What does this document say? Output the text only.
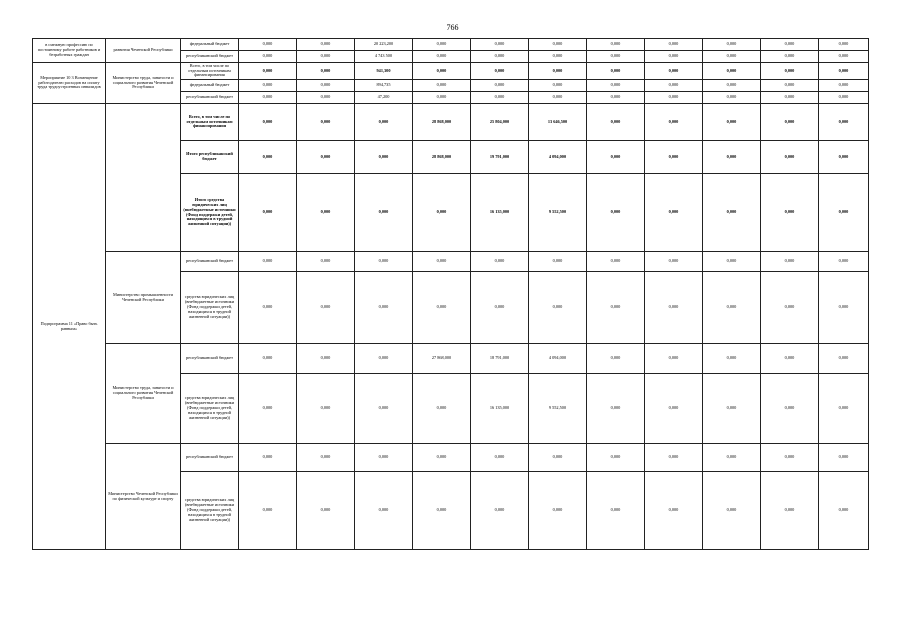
766
в смежную профессию по постоянному работе работников и безработных граждан	развития Чеченской Республики	федеральный бюджет	0,000	0,000	20 223,200	0,000	0,000	0,000	0,000	0,000	0,000	0,000	0,000
		республиканский бюджет	0,000	0,000	4 743 500	0,000	0,000	0,000	0,000	0,000	0,000	0,000	0,000
Мероприятие 10 3 Возмещение работодателю расходов на оплату труда трудоустроенных инвалидов	Министерство труда, занятости и социального развития Чеченской Республики	Всего, в том числе по отдельным источникам финансирования	0,000	0,000	941,300	0,000	0,000	0,000	0,000	0,000	0,000	0,000	0,000
		федеральный бюджет	0,000	0,000	894,735	0,000	0,000	0,000	0,000	0,000	0,000	0,000	0,000
		республиканский бюджет	0,000	0,000	47,200	0,000	0,000	0,000	0,000	0,000	0,000	0,000	0,000
Подпрограмма 11 «Право быть равным»		Всего, в том числе по отдельным источникам финансирования	0,000	0,000	0,000	28 868,000	25 804,000	13 646,500	0,000	0,000	0,000	0,000	0,000
		Итого республиканский бюджет	0,000	0,000	0,000	28 868,000	19 791,000	4 094,000	0,000	0,000	0,000	0,000	0,000
		Итого средства юридических лиц (внебюджетные источники (Фонд поддержки детей, находящихся в трудной жизненной ситуации))	0,000	0,000	0,000	0,000	16 135,000	9 552,500	0,000	0,000	0,000	0,000	0,000
	Министерство промышленности Чеченской Республики	республиканский бюджет	0,000	0,000	0,000	0,000	0,000	0,000	0,000	0,000	0,000	0,000	0,000
		средства юридических лиц (внебюджетные источники (Фонд поддержки детей, находящихся в трудной жизненной ситуации))	0,000	0,000	0,000	0,000	0,000	0,000	0,000	0,000	0,000	0,000	0,000
	Министерство труда, занятости и социального развития Чеченской Республики	республиканский бюджет	0,000	0,000	0,000	27 868,000	18 791,000	4 094,000	0,000	0,000	0,000	0,000	0,000
		средства юридических лиц (внебюджетные источники (Фонд поддержки детей, находящихся в трудной жизненной ситуации))	0,000	0,000	0,000	0,000	16 135,000	9 552,500	0,000	0,000	0,000	0,000	0,000
	Министерство Чеченской Республики по физической культуре и спорту	республиканский бюджет	0,000	0,000	0,000	0,000	0,000	0,000	0,000	0,000	0,000	0,000	0,000
		средства юридических лиц (внебюджетные источники (Фонд поддержки детей, находящихся в трудной жизненной ситуации))	0,000	0,000	0,000	0,000	0,000	0,000	0,000	0,000	0,000	0,000	0,000
